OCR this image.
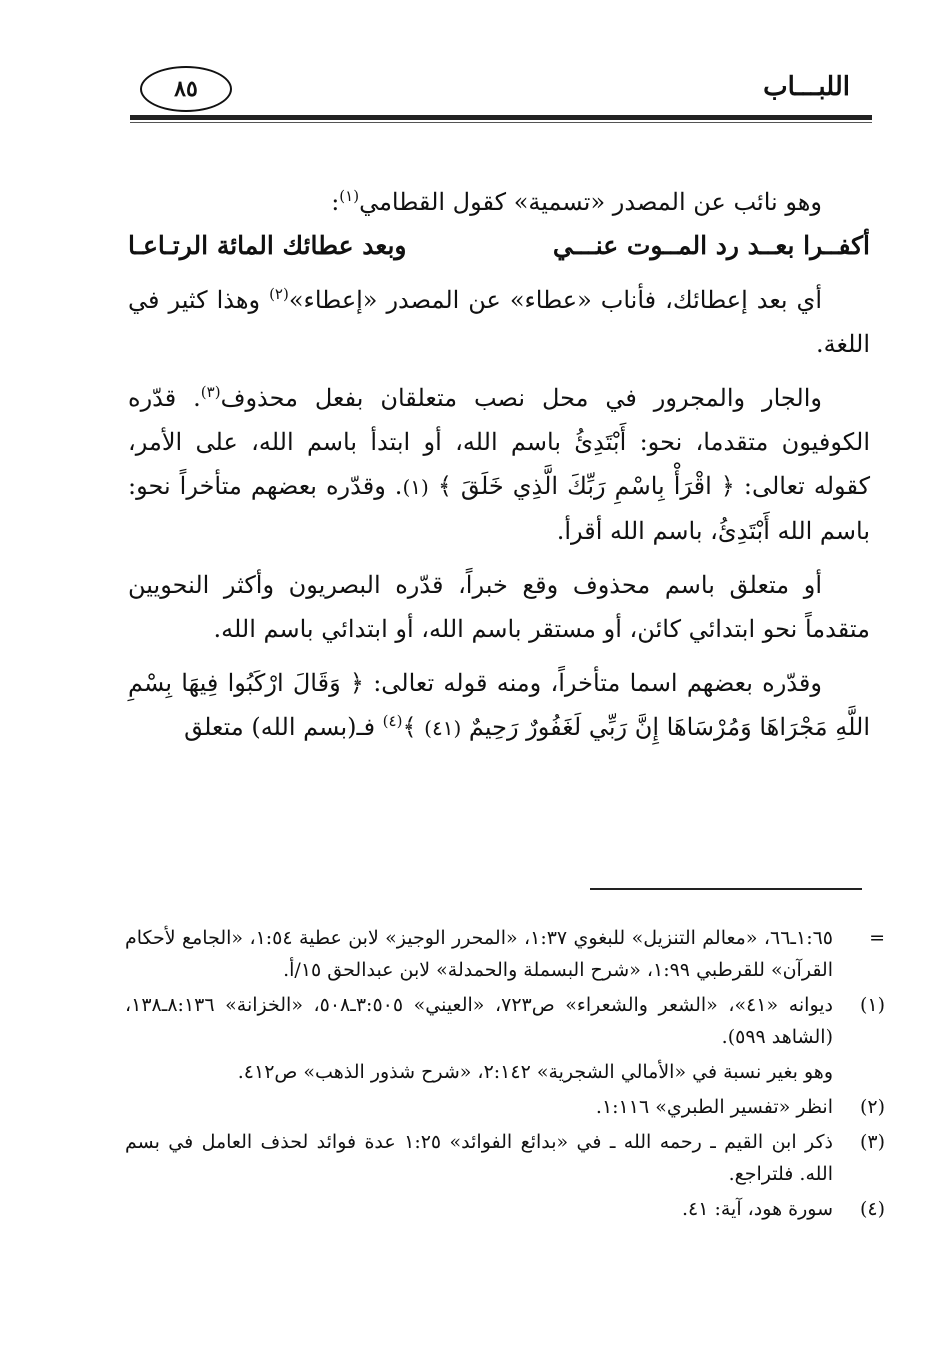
اللبـــاب
٨٥

وهو نائب عن المصدر «تسمية» كقول القطامي$^{(١)}$:

أكفــرا بعــد رد المــوت عنـــي
وبعد عطائك المائة الرتـاعـا

أي بعد إعطائك، فأناب «عطاء» عن المصدر «إعطاء»$^{(٢)}$ وهذا كثير في اللغة.

والجار والمجرور في محل نصب متعلقان بفعل محذوف$^{(٣)}$. قدّره الكوفيون متقدما، نحو: أَبْتَدِئُ باسم الله، أو ابتدأ باسم الله، على الأمر، كقوله تعالى: ﴿ اقْرَأْ بِاسْمِ رَبِّكَ الَّذِي خَلَقَ ﴾ (١). وقدّره بعضهم متأخراً نحو: باسم الله أَبْتَدِئُ، باسم الله أقرأ.

أو متعلق باسم محذوف وقع خبراً، قدّره البصريون وأكثر النحويين متقدماً نحو ابتدائي كائن، أو مستقر باسم الله، أو ابتدائي باسم الله.

وقدّره بعضهم اسما متأخراً، ومنه قوله تعالى: ﴿ وَقَالَ ارْكَبُوا فِيهَا بِسْمِ اللَّهِ مَجْرَاهَا وَمُرْسَاهَا إِنَّ رَبِّي لَغَفُورٌ رَحِيمٌ (٤١) ﴾$^{(٤)}$ فـ(بسم الله) متعلق

=
١:٦٥ـ٦٦، «معالم التنزيل» للبغوي ١:٣٧، «المحرر الوجيز» لابن عطية ١:٥٤، «الجامع لأحكام القرآن» للقرطبي ١:٩٩، «شرح البسملة والحمدلة» لابن عبدالحق ١٥/أ.
(١)
ديوانه «٤١»، «الشعر والشعراء» ص٧٢٣، «العيني» ٣:٥٠٥ـ٥٠٨، «الخزانة» ٨:١٣٦ـ١٣٨، (الشاهد ٥٩٩).
وهو بغير نسبة في «الأمالي الشجرية» ٢:١٤٢، «شرح شذور الذهب» ص٤١٢.
(٢)
انظر «تفسير الطبري» ١:١١٦.
(٣)
ذكر ابن القيم ـ رحمه الله ـ في «بدائع الفوائد» ١:٢٥ عدة فوائد لحذف العامل في بسم الله. فلتراجع.
(٤)
سورة هود، آية: ٤١.
